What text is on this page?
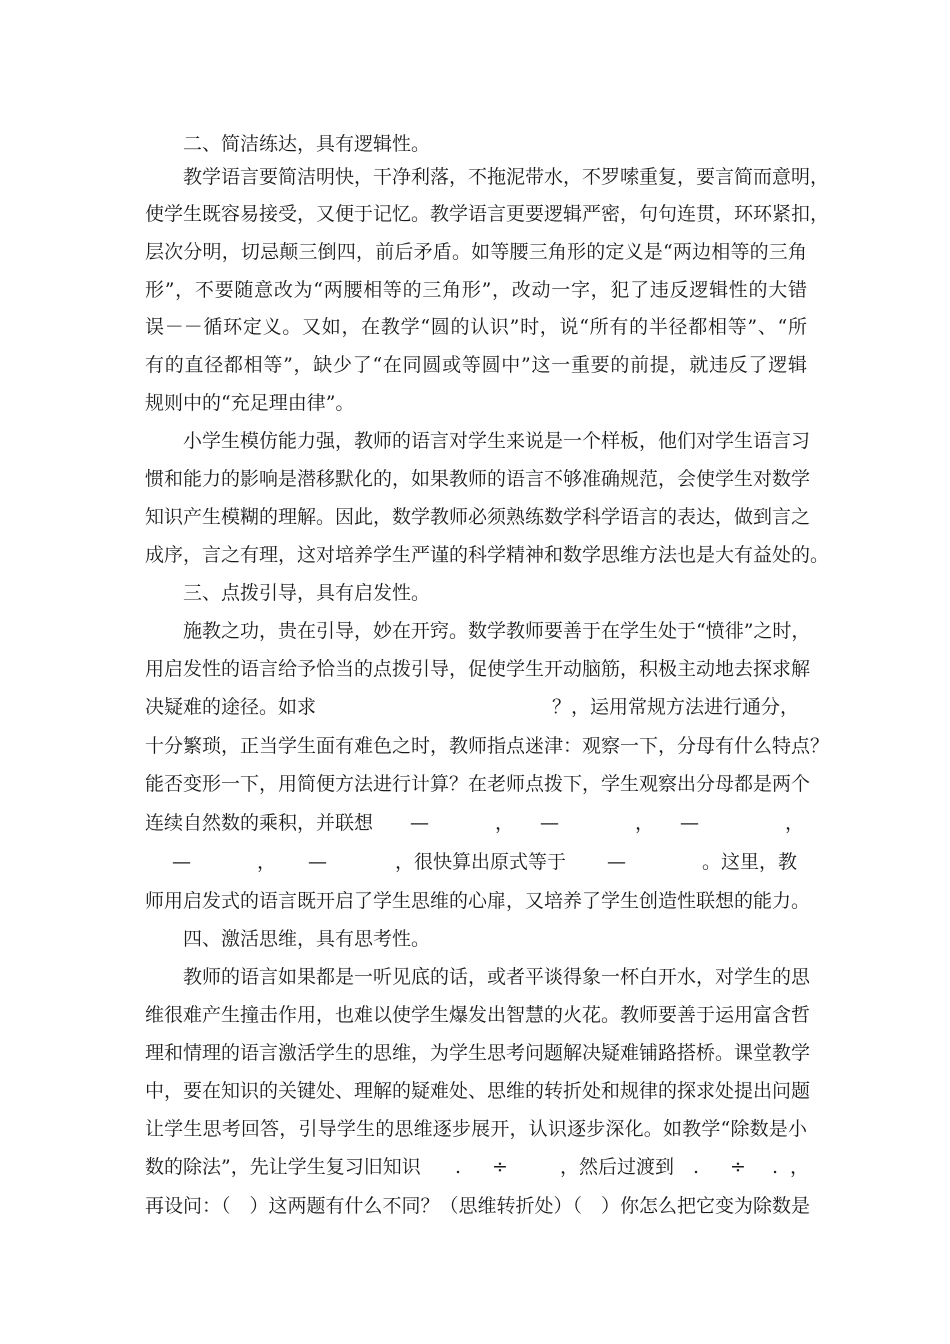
二、简洁练达，具有逻辑性。
教学语言要简洁明快，干净利落，不拖泥带水，不罗嗦重复，要言简而意明，
使学生既容易接受，又便于记忆。教学语言更要逻辑严密，句句连贯，环环紧扣，
层次分明，切忌颠三倒四，前后矛盾。如等腰三角形的定义是“两边相等的三角
形”，不要随意改为“两腰相等的三角形”，改动一字，犯了违反逻辑性的大错
误－－循环定义。又如，在教学“圆的认识”时，说“所有的半径都相等”、“所
有的直径都相等”，缺少了“在同圆或等圆中”这一重要的前提，就违反了逻辑
规则中的“充足理由律”。
小学生模仿能力强，教师的语言对学生来说是一个样板，他们对学生语言习
惯和能力的影响是潜移默化的，如果教师的语言不够准确规范，会使学生对数学
知识产生模糊的理解。因此，数学教师必须熟练数学科学语言的表达，做到言之
成序，言之有理，这对培养学生严谨的科学精神和数学思维方法也是大有益处的。
三、点拨引导，具有启发性。
施教之功，贵在引导，妙在开窍。数学教师要善于在学生处于“愤徘”之时，
用启发性的语言给予恰当的点拨引导，促使学生开动脑筋，积极主动地去探求解
决疑难的途径。如求	？，运用常规方法进行通分，
十分繁琐，正当学生面有难色之时，教师指点迷津：观察一下，分母有什么特点？
能否变形一下，用简便方法进行计算？在老师点拨下，学生观察出分母都是两个
连续自然数的乘积，并联想 —	， —	， —	，
—	， —	，很快算出原式等于 —	。这里，教
师用启发式的语言既开启了学生思维的心扉，又培养了学生创造性联想的能力。
四、激活思维，具有思考性。
教师的语言如果都是一听见底的话，或者平谈得象一杯白开水，对学生的思
维很难产生撞击作用，也难以使学生爆发出智慧的火花。教师要善于运用富含哲
理和情理的语言激活学生的思维，为学生思考问题解决疑难铺路搭桥。课堂教学
中，要在知识的关键处、理解的疑难处、思维的转折处和规律的探求处提出问题
让学生思考回答，引导学生的思维逐步展开，认识逐步深化。如教学“除数是小
数的除法”，先让学生复习旧知识 . ÷	，然后过渡到 . ÷ . ，
再设问：（　）这两题有什么不同？（思维转折处）（　）你怎么把它变为除数是
